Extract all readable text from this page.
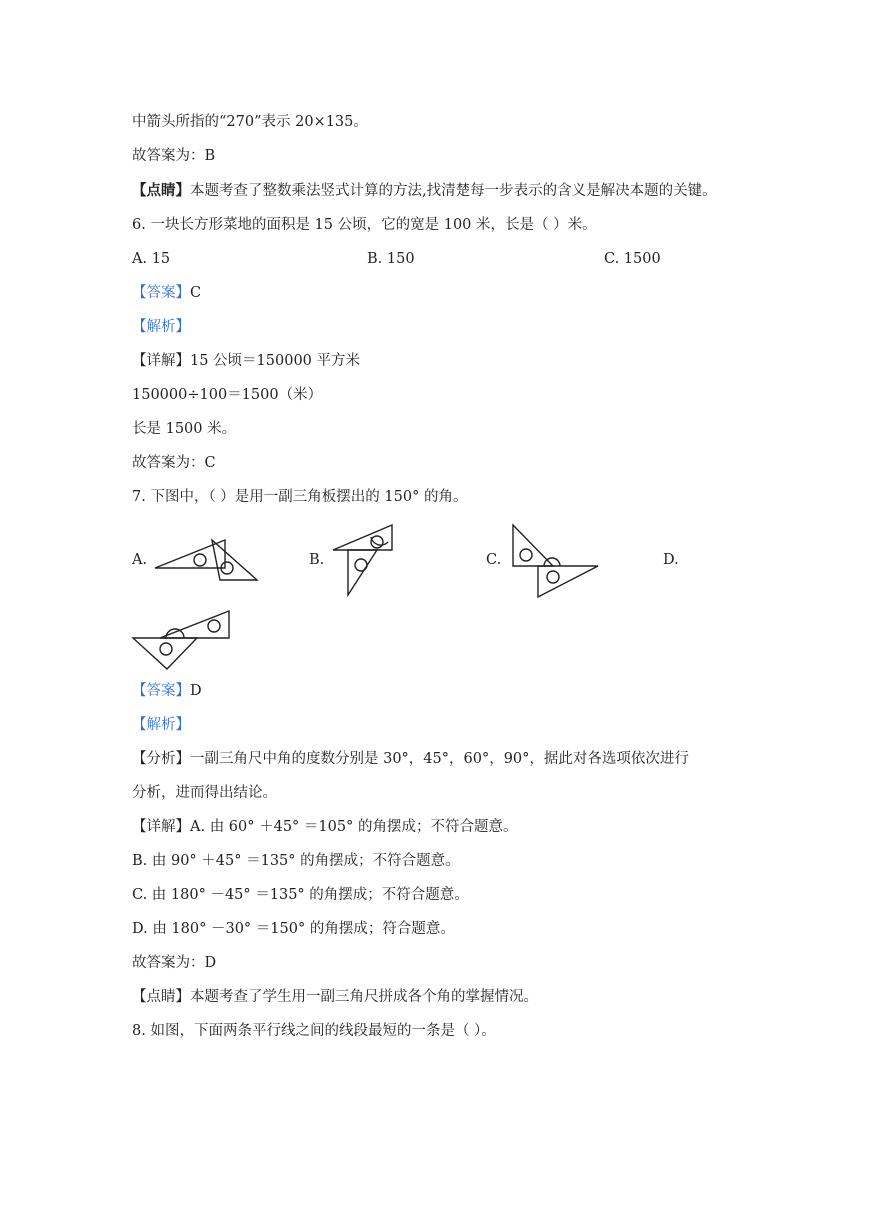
中箭头所指的“270”表示 20×135。
故答案为：B
【点睛】本题考查了整数乘法竖式计算的方法,找清楚每一步表示的含义是解决本题的关键。
6. 一块长方形菜地的面积是 15 公顷，它的宽是 100 米，长是（ ）米。
A. 15	B. 150	C. 1500
【答案】C
【解析】
【详解】15 公顷＝150000 平方米
150000÷100＝1500（米）
长是 1500 米。
故答案为：C
7. 下图中，（ ）是用一副三角板摆出的 150° 的角。
A.	B.	C.	D.
【答案】D
【解析】
【分析】一副三角尺中角的度数分别是 30°，45°，60°，90°，据此对各选项依次进行
分析，进而得出结论。
【详解】A. 由 60° ＋45° ＝105° 的角摆成；不符合题意。
B. 由 90° ＋45° ＝135° 的角摆成；不符合题意。
C. 由 180° －45° ＝135° 的角摆成；不符合题意。
D. 由 180° －30° ＝150° 的角摆成；符合题意。
故答案为：D
【点睛】本题考查了学生用一副三角尺拼成各个角的掌握情况。
8. 如图，下面两条平行线之间的线段最短的一条是（ ）。
